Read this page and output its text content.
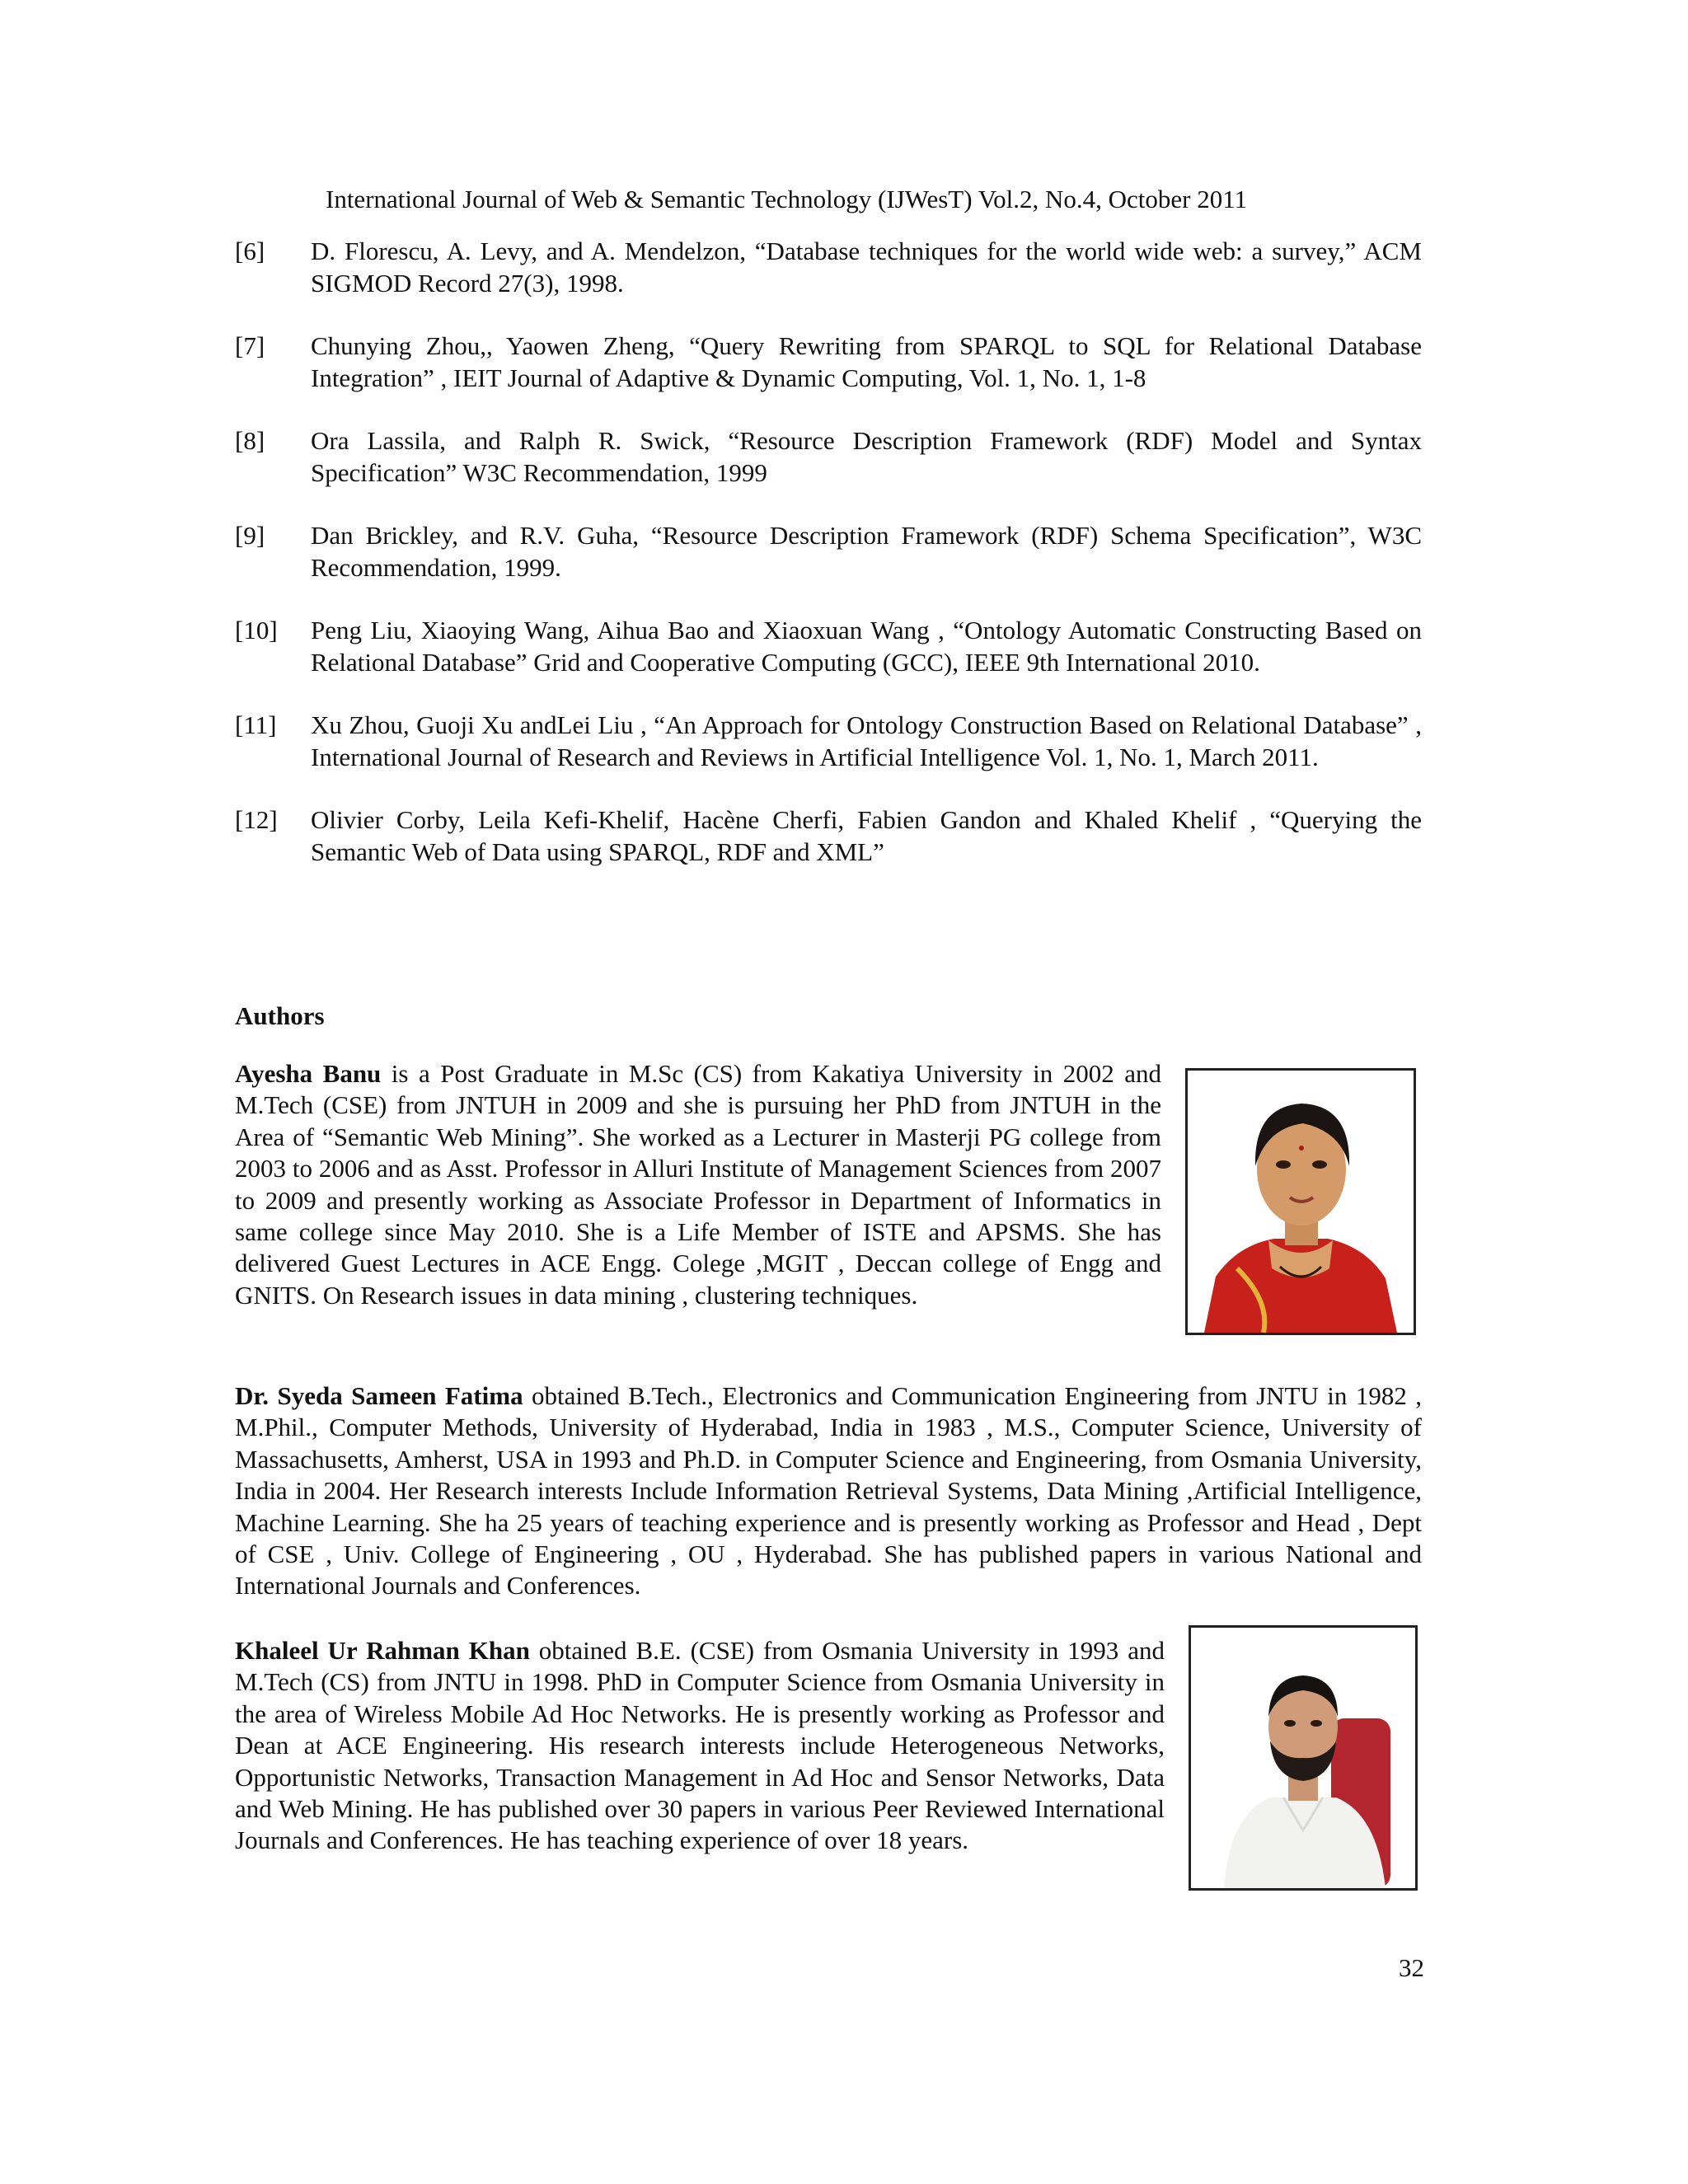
International Journal of Web & Semantic Technology (IJWesT) Vol.2, No.4, October 2011
[6] D. Florescu, A. Levy, and A. Mendelzon, “Database techniques for the world wide web: a survey,” ACM SIGMOD Record 27(3), 1998.
[7] Chunying Zhou,, Yaowen Zheng, “Query Rewriting from SPARQL to SQL for Relational Database Integration” , IEIT Journal of Adaptive & Dynamic Computing, Vol. 1, No. 1, 1-8
[8] Ora Lassila, and Ralph R. Swick, “Resource Description Framework (RDF) Model and Syntax Specification” W3C Recommendation, 1999
[9] Dan Brickley, and R.V. Guha, “Resource Description Framework (RDF) Schema Specification”, W3C Recommendation, 1999.
[10] Peng Liu, Xiaoying Wang, Aihua Bao and Xiaoxuan Wang , “Ontology Automatic Constructing Based on Relational Database” Grid and Cooperative Computing (GCC), IEEE 9th International 2010.
[11] Xu Zhou, Guoji Xu andLei Liu , “An Approach for Ontology Construction Based on Relational Database” , International Journal of Research and Reviews in Artificial Intelligence Vol. 1, No. 1, March 2011.
[12] Olivier Corby, Leila Kefi-Khelif, Hacène Cherfi, Fabien Gandon and Khaled Khelif , “Querying the Semantic Web of Data using SPARQL, RDF and XML”
Authors
Ayesha Banu is a Post Graduate in M.Sc (CS) from Kakatiya University in 2002 and M.Tech (CSE) from JNTUH in 2009 and she is pursuing her PhD from JNTUH in the Area of “Semantic Web Mining”. She worked as a Lecturer in Masterji PG college from 2003 to 2006 and as Asst. Professor in Alluri Institute of Management Sciences from 2007 to 2009 and presently working as Associate Professor in Department of Informatics in same college since May 2010. She is a Life Member of ISTE and APSMS. She has delivered Guest Lectures in ACE Engg. Colege ,MGIT , Deccan college of Engg and GNITS. On Research issues in data mining , clustering techniques.
Dr. Syeda Sameen Fatima obtained B.Tech., Electronics and Communication Engineering from JNTU in 1982 , M.Phil., Computer Methods, University of Hyderabad, India in 1983 , M.S., Computer Science, University of Massachusetts, Amherst, USA in 1993 and Ph.D. in Computer Science and Engineering, from Osmania University, India in 2004. Her Research interests Include Information Retrieval Systems, Data Mining ,Artificial Intelligence, Machine Learning. She ha 25 years of teaching experience and is presently working as Professor and Head , Dept of CSE , Univ. College of Engineering , OU , Hyderabad. She has published papers in various National and International Journals and Conferences.
Khaleel Ur Rahman Khan obtained B.E. (CSE) from Osmania University in 1993 and M.Tech (CS) from JNTU in 1998. PhD in Computer Science from Osmania University in the area of Wireless Mobile Ad Hoc Networks. He is presently working as Professor and Dean at ACE Engineering. His research interests include Heterogeneous Networks, Opportunistic Networks, Transaction Management in Ad Hoc and Sensor Networks, Data and Web Mining. He has published over 30 papers in various Peer Reviewed International Journals and Conferences. He has teaching experience of over 18 years.
32
